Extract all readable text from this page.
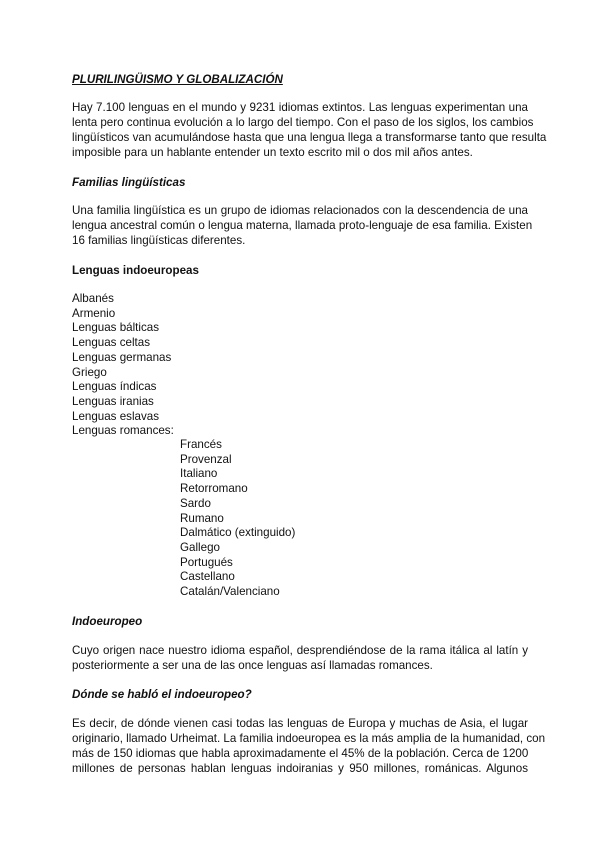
PLURILINGÜISMO Y GLOBALIZACIÓN
Hay 7.100 lenguas en el mundo y 9231 idiomas extintos. Las lenguas experimentan una
lenta pero continua evolución a lo largo del tiempo. Con el paso de los siglos, los cambios
lingüísticos van acumulándose hasta que una lengua llega a transformarse tanto que resulta
imposible para un hablante entender un texto escrito mil o dos mil años antes.
Familias lingüísticas
Una familia lingüística es un grupo de idiomas relacionados con la descendencia de una
lengua ancestral común o lengua materna, llamada proto-lenguaje de esa familia. Existen
16 familias lingüísticas diferentes.
Lenguas indoeuropeas
Albanés
Armenio
Lenguas bálticas
Lenguas celtas
Lenguas germanas
Griego
Lenguas índicas
Lenguas iranias
Lenguas eslavas
Lenguas romances:
Francés
Provenzal
Italiano
Retorromano
Sardo
Rumano
Dalmático (extinguido)
Gallego
Portugués
Castellano
Catalán/Valenciano
Indoeuropeo
Cuyo origen nace nuestro idioma español, desprendiéndose de la rama itálica al latín y
posteriormente a ser una de las once lenguas así llamadas romances.
Dónde se habló el indoeuropeo?
Es decir, de dónde vienen casi todas las lenguas de Europa y muchas de Asia, el lugar
originario, llamado Urheimat. La familia indoeuropea es la más amplia de la humanidad, con
más de 150 idiomas que habla aproximadamente el 45% de la población. Cerca de 1200
millones de personas hablan lenguas indoiranias y 950 millones, románicas. Algunos
